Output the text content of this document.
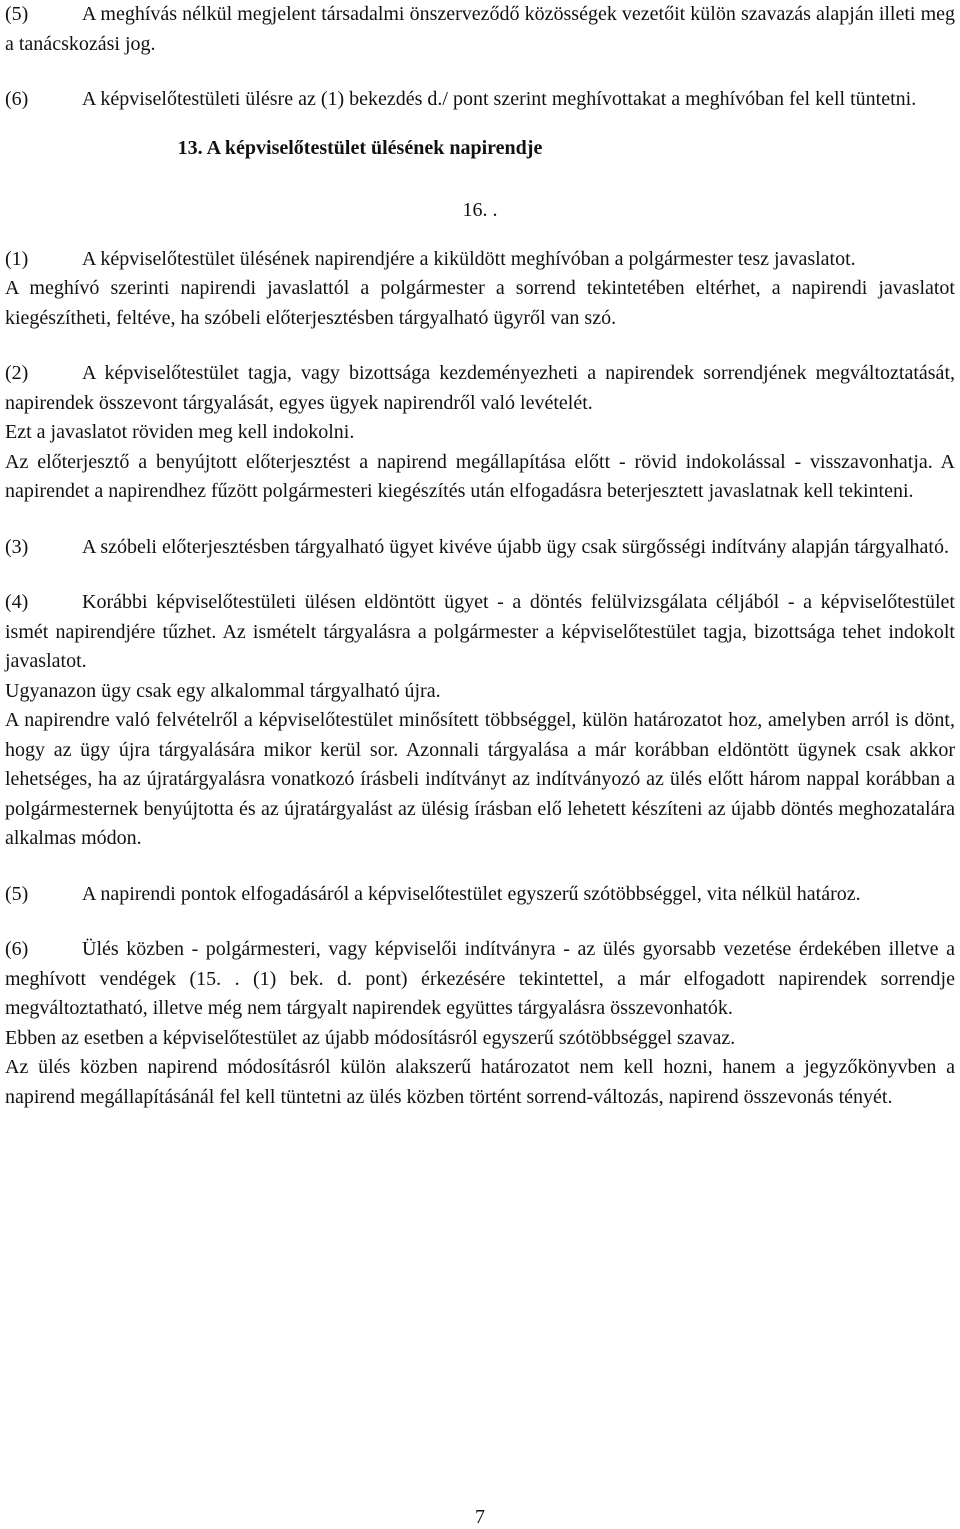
(5)	A meghívás nélkül megjelent társadalmi önszerveződő közösségek vezetőit külön szavazás alapján illeti meg a tanácskozási jog.

(6)	A képviselőtestületi ülésre az (1) bekezdés d./ pont szerint meghívottakat a meghívóban fel kell tüntetni.

13. A képviselőtestület ülésének napirendje
16. .

(1)	A képviselőtestület ülésének napirendjére a kiküldött meghívóban a polgármester tesz javaslatot.

A meghívó szerinti napirendi javaslattól a polgármester a sorrend tekintetében eltérhet, a napirendi javaslatot kiegészítheti, feltéve, ha szóbeli előterjesztésben tárgyalható ügyről van szó.

(2)	A képviselőtestület tagja, vagy bizottsága kezdeményezheti a napirendek sorrendjének megváltoztatását, napirendek összevont tárgyalását, egyes ügyek napirendről való levételét.

Ezt a javaslatot röviden meg kell indokolni.

Az előterjesztő a benyújtott előterjesztést a napirend megállapítása előtt - rövid indokolással - visszavonhatja. A napirendet a napirendhez fűzött polgármesteri kiegészítés után elfogadásra beterjesztett javaslatnak kell tekinteni.

(3)	A szóbeli előterjesztésben tárgyalható ügyet kivéve újabb ügy csak sürgősségi indítvány alapján tárgyalható.

(4)	Korábbi képviselőtestületi ülésen eldöntött ügyet - a döntés felülvizsgálata céljából - a képviselőtestület ismét napirendjére tűzhet. Az ismételt tárgyalásra a polgármester a képviselőtestület tagja, bizottsága tehet indokolt javaslatot.

Ugyanazon ügy csak egy alkalommal tárgyalható újra.

A napirendre való felvételről a képviselőtestület minősített többséggel, külön határozatot hoz, amelyben arról is dönt, hogy az ügy újra tárgyalására mikor kerül sor. Azonnali tárgyalása a már korábban eldöntött ügynek csak akkor lehetséges, ha az újratárgyalásra vonatkozó írásbeli indítványt az indítványozó az ülés előtt három nappal korábban a polgármesternek benyújtotta és az újratárgyalást az ülésig írásban elő lehetett készíteni az újabb döntés meghozatalára alkalmas módon.

(5)	A napirendi pontok elfogadásáról a képviselőtestület egyszerű szótöbbséggel, vita nélkül határoz.

(6)	Ülés közben - polgármesteri, vagy képviselői indítványra - az ülés gyorsabb vezetése érdekében illetve a meghívott vendégek (15. . (1) bek. d. pont) érkezésére tekintettel, a már elfogadott napirendek sorrendje megváltoztatható, illetve még nem tárgyalt napirendek együttes tárgyalásra összevonhatók.

Ebben az esetben a képviselőtestület az újabb módosításról egyszerű szótöbbséggel szavaz.

Az ülés közben napirend módosításról külön alakszerű határozatot nem kell hozni, hanem a jegyzőkönyvben a napirend megállapításánál fel kell tüntetni az ülés közben történt sorrend-változás, napirend összevonás tényét.

7
